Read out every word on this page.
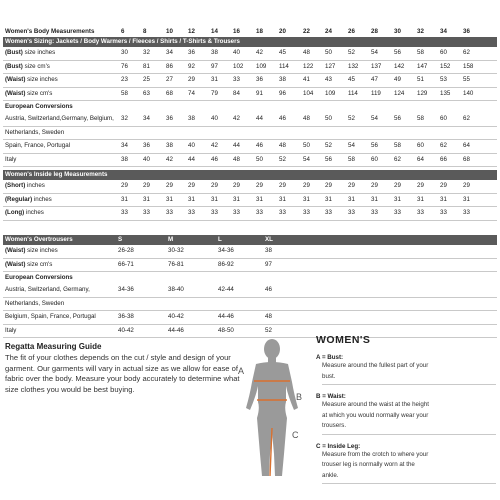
Women's Body Measurements	6	8	10	12	14	16	18	20	22	24	26	28	30	32	34	36
Women's Sizing: Jackets / Body Warmers / Fleeces / Shirts / T-Shirts & Trousers
(Bust) size inches	30	32	34	36	38	40	42	45	48	50	52	54	56	58	60	62
(Bust) size cm's	76	81	86	92	97	102	109	114	122	127	132	137	142	147	152	158
(Waist) size inches	23	25	27	29	31	33	36	38	41	43	45	47	49	51	53	55
(Waist) size cm's	58	63	68	74	79	84	91	96	104	109	114	119	124	129	135	140
European Conversions
Austria, Switzerland,Germany, Belgium, 32	34	36	38	40	42	44	46	48	50	52	54	56	58	60	62
Netherlands, Sweden
Spain, France, Portugal	34	36	38	40	42	44	46	48	50	52	54	56	58	60	62	64
Italy	38	40	42	44	46	48	50	52	54	56	58	60	62	64	66	68
Women's Inside leg Measurements
(Short) inches	29	29	29	29	29	29	29	29	29	29	29	29	29	29	29	29
(Regular) inches	31	31	31	31	31	31	31	31	31	31	31	31	31	31	31	31
(Long) inches	33	33	33	33	33	33	33	33	33	33	33	33	33	33	33	33
Women's Overtrousers	S	M	L	XL
(Waist) size inches	26-28	30-32	34-36	38
(Waist) size cm's	66-71	76-81	86-92	97
European Conversions
Austria, Switzerland, Germany,	34-36	38-40	42-44	46
Netherlands, Sweden
Belgium, Spain, France, Portugal	36-38	40-42	44-46	48
Italy	40-42	44-46	48-50	52
Regatta Measuring Guide

The fit of your clothes depends on the cut / style and design of your garment. Our garments will vary in actual size as we allow for ease of fabric over the body. Measure your body accurately to determine what size clothes you would be best buying.

A
B
C
WOMEN'S
A = Bust:
Measure around the fullest part of your
bust.
B = Waist:
Measure around the waist at the height
at which you would normally wear your
trousers.
C = Inside Leg:
Measure from the crotch to where your
trouser leg is normally worn at the
ankle.
